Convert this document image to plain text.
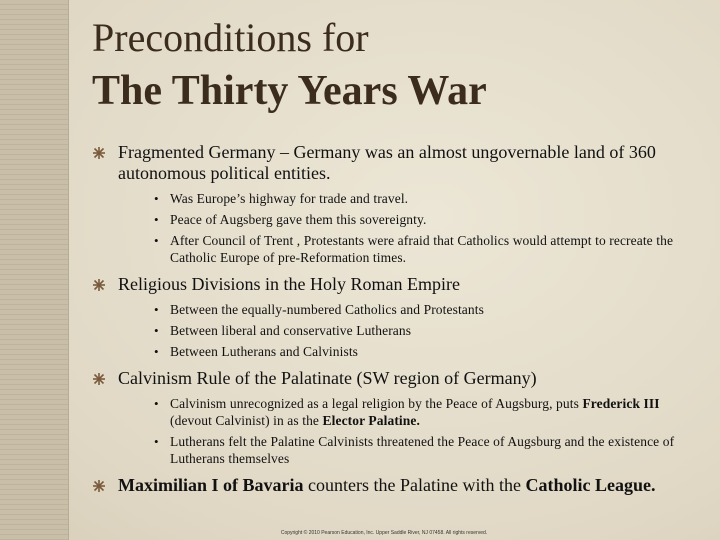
Preconditions for
The Thirty Years War
Fragmented Germany – Germany was an almost ungovernable land of 360 autonomous political entities.
• Was Europe’s highway for trade and travel.
• Peace of Augsberg gave them this sovereignty.
• After Council of Trent , Protestants were afraid that Catholics would attempt to recreate the Catholic Europe of pre-Reformation times.
Religious Divisions in the Holy Roman Empire
• Between the equally-numbered Catholics and Protestants
• Between liberal and conservative Lutherans
• Between Lutherans and Calvinists
Calvinism Rule of the Palatinate (SW region of Germany)
• Calvinism unrecognized as a legal religion by the Peace of Augsburg, puts Frederick III (devout Calvinist) in as the Elector Palatine.
• Lutherans felt the Palatine Calvinists threatened the Peace of Augsburg and the existence of Lutherans themselves
Maximilian I of Bavaria counters the Palatine with the Catholic League.
Copyright © 2010 Pearson Education, Inc. Upper Saddle River, NJ 07458. All rights reserved.
